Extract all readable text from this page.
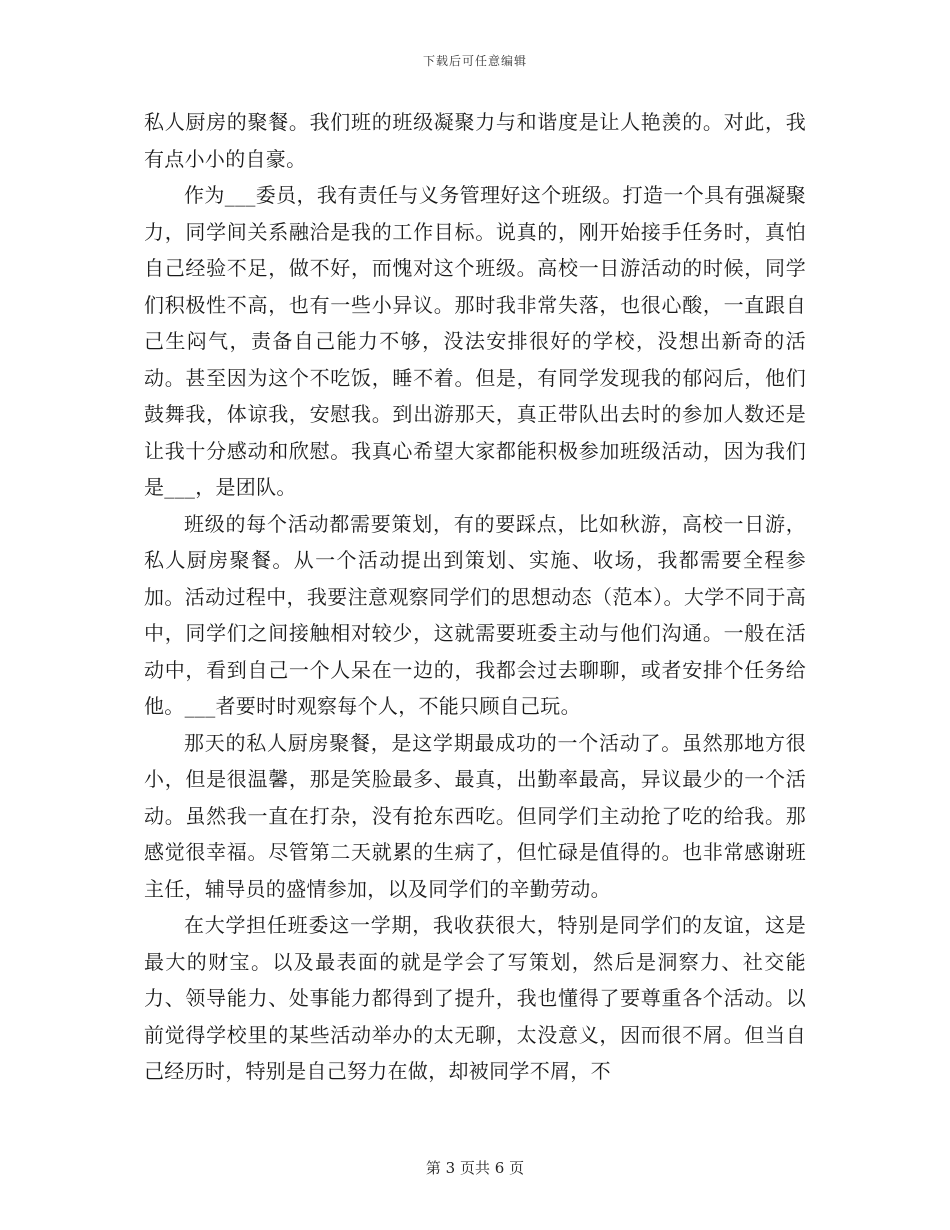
下载后可任意编辑

私人厨房的聚餐。我们班的班级凝聚力与和谐度是让人艳羡的。对此，我有点小小的自豪。

作为___委员，我有责任与义务管理好这个班级。打造一个具有强凝聚力，同学间关系融洽是我的工作目标。说真的，刚开始接手任务时，真怕自己经验不足，做不好，而愧对这个班级。高校一日游活动的时候，同学们积极性不高，也有一些小异议。那时我非常失落，也很心酸，一直跟自己生闷气，责备自己能力不够，没法安排很好的学校，没想出新奇的活动。甚至因为这个不吃饭，睡不着。但是，有同学发现我的郁闷后，他们鼓舞我，体谅我，安慰我。到出游那天，真正带队出去时的参加人数还是让我十分感动和欣慰。我真心希望大家都能积极参加班级活动，因为我们是___，是团队。

班级的每个活动都需要策划，有的要踩点，比如秋游，高校一日游，私人厨房聚餐。从一个活动提出到策划、实施、收场，我都需要全程参加。活动过程中，我要注意观察同学们的思想动态（范本）。大学不同于高中，同学们之间接触相对较少，这就需要班委主动与他们沟通。一般在活动中，看到自己一个人呆在一边的，我都会过去聊聊，或者安排个任务给他。___者要时时观察每个人，不能只顾自己玩。

那天的私人厨房聚餐，是这学期最成功的一个活动了。虽然那地方很小，但是很温馨，那是笑脸最多、最真，出勤率最高，异议最少的一个活动。虽然我一直在打杂，没有抢东西吃。但同学们主动抢了吃的给我。那感觉很幸福。尽管第二天就累的生病了，但忙碌是值得的。也非常感谢班主任，辅导员的盛情参加，以及同学们的辛勤劳动。

在大学担任班委这一学期，我收获很大，特别是同学们的友谊，这是最大的财宝。以及最表面的就是学会了写策划，然后是洞察力、社交能力、领导能力、处事能力都得到了提升，我也懂得了要尊重各个活动。以前觉得学校里的某些活动举办的太无聊，太没意义，因而很不屑。但当自己经历时，特别是自己努力在做，却被同学不屑，不

第 3 页共 6 页
